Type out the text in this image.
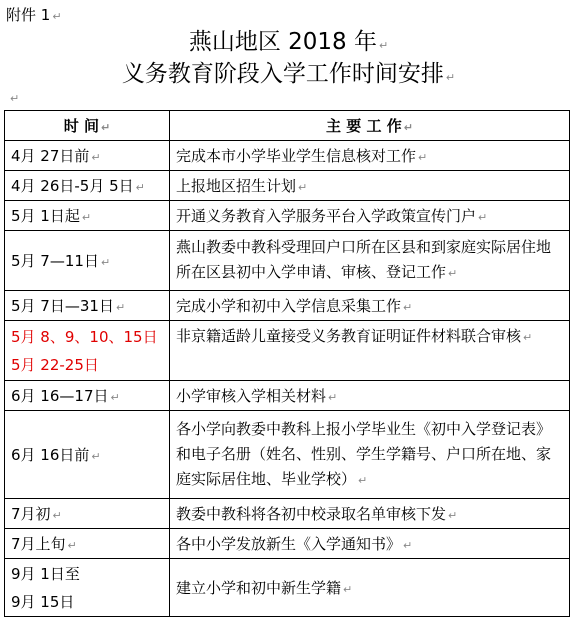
附件 1 ↵
燕山地区 2018 年 ↵
义务教育阶段入学工作时间安排 ↵
↵
时 间 ↵	主 要 工 作 ↵
4月 27日前 ↵	完成本市小学毕业学生信息核对工作 ↵
4月 26日-5月 5日 ↵	上报地区招生计划 ↵
5月 1日起 ↵	开通义务教育入学服务平台入学政策宣传门户 ↵
5月 7—11日 ↵	燕山教委中教科受理回户口所在区县和到家庭实际居住地所在区县初中入学申请、审核、登记工作 ↵
5月 7日—31日 ↵	完成小学和初中入学信息采集工作 ↵

5月 8、9、10、15日
5月 22-25日	非京籍适龄儿童接受义务教育证明证件材料联合审核 ↵
6月 16—17日 ↵	小学审核入学相关材料 ↵
6月 16日前 ↵	各小学向教委中教科上报小学毕业生《初中入学登记表》和电子名册（姓名、性别、学生学籍号、户口所在地、家庭实际居住地、毕业学校） ↵
7月初 ↵	教委中教科将各初中校录取名单审核下发 ↵
7月上旬 ↵	各中小学发放新生《入学通知书》 ↵

9月 1日至
9月 15日	建立小学和初中新生学籍 ↵
